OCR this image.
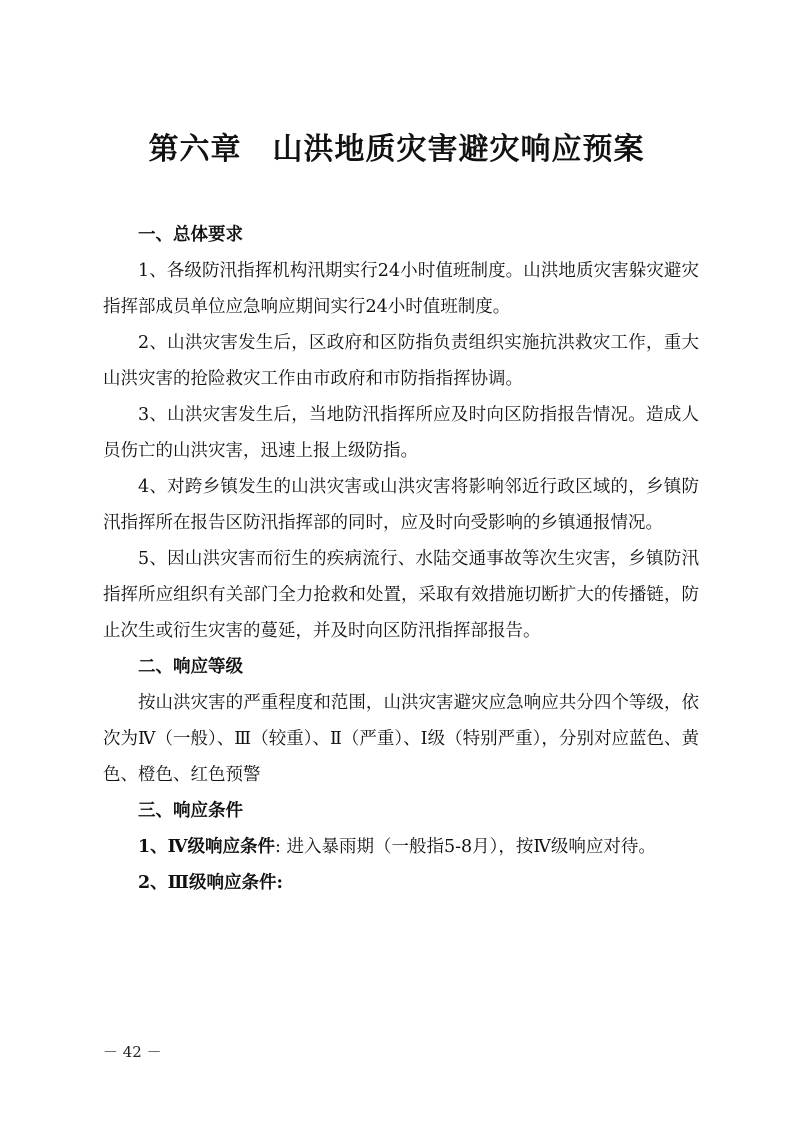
第六章　山洪地质灾害避灾响应预案
一、总体要求

1、各级防汛指挥机构汛期实行24小时值班制度。山洪地质灾害躲灾避灾指挥部成员单位应急响应期间实行24小时值班制度。

2、山洪灾害发生后，区政府和区防指负责组织实施抗洪救灾工作，重大山洪灾害的抢险救灾工作由市政府和市防指指挥协调。

3、山洪灾害发生后，当地防汛指挥所应及时向区防指报告情况。造成人员伤亡的山洪灾害，迅速上报上级防指。

4、对跨乡镇发生的山洪灾害或山洪灾害将影响邻近行政区域的，乡镇防汛指挥所在报告区防汛指挥部的同时，应及时向受影响的乡镇通报情况。

5、因山洪灾害而衍生的疾病流行、水陆交通事故等次生灾害，乡镇防汛指挥所应组织有关部门全力抢救和处置，采取有效措施切断扩大的传播链，防止次生或衍生灾害的蔓延，并及时向区防汛指挥部报告。

二、响应等级

按山洪灾害的严重程度和范围，山洪灾害避灾应急响应共分四个等级，依次为Ⅳ（一般）、Ⅲ（较重）、Ⅱ（严重）、Ⅰ级（特别严重），分别对应蓝色、黄色、橙色、红色预警

三、响应条件

1、Ⅳ级响应条件: 进入暴雨期（一般指5-8月），按Ⅳ级响应对待。

2、Ⅲ级响应条件:

－ 42 －
